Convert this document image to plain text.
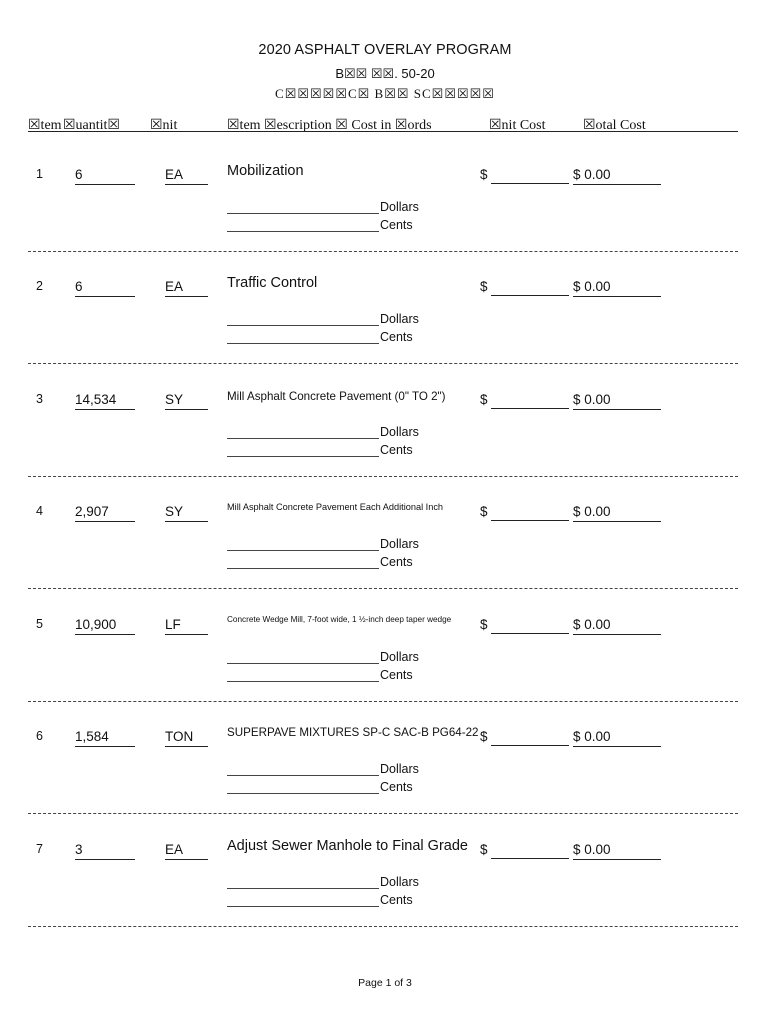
2020 ASPHALT OVERLAY PROGRAM
B☒☒ ☒☒. 50-20
C☒☒☒☒☒C☒ B☒☒ SC☒☒☒☒☒
☒tem ☒uantit☒ ☒nit	☒tem ☒escription ☒ Cost in ☒ords	☒nit Cost	☒otal Cost
1 6	EA	Mobilization	$	$ 0.00
Dollars
Cents
2 6	EA	Traffic Control	$	$ 0.00
Dollars
Cents
3 14,534	SY	Mill Asphalt Concrete Pavement (0" TO 2")	$	$ 0.00
Dollars
Cents
4 2,907	SY	Mill Asphalt Concrete Pavement Each Additional Inch	$	$ 0.00
Dollars
Cents
5 10,900	LF	Concrete Wedge Mill, 7-foot wide, 1 ½-inch deep taper wedge	$	$ 0.00
Dollars
Cents
6 1,584	TON	SUPERPAVE MIXTURES SP-C SAC-B PG64-22 $	$ 0.00
Dollars
Cents
7 3	EA	Adjust Sewer Manhole to Final Grade $	$ 0.00
Dollars
Cents
Page 1 of 3
